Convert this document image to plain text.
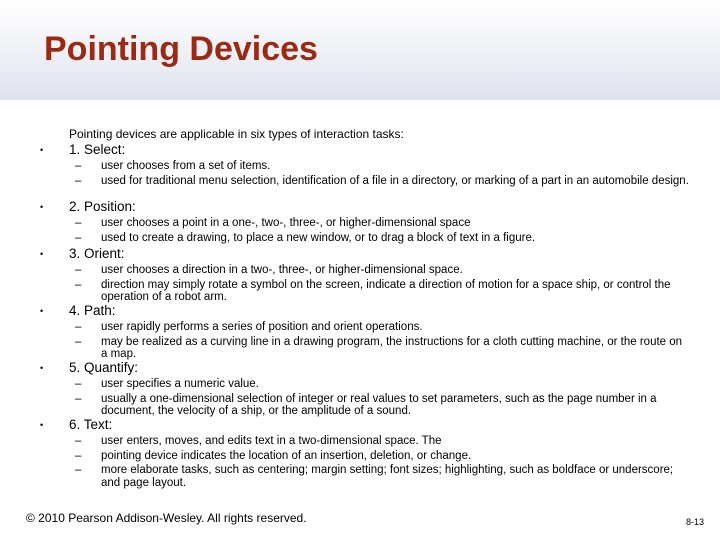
Pointing Devices
Pointing devices are applicable in six types of interaction tasks:
• 1. Select:
– user chooses from a set of items.
– used for traditional menu selection, identification of a file in a directory, or marking of a part in an automobile design.
• 2. Position:
– user chooses a point in a one-, two-, three-, or higher-dimensional space
– used to create a drawing, to place a new window, or to drag a block of text in a figure.
• 3. Orient:
– user chooses a direction in a two-, three-, or higher-dimensional space.
– direction may simply rotate a symbol on the screen, indicate a direction of motion for a space ship, or control the operation of a robot arm.
• 4. Path:
– user rapidly performs a series of position and orient operations.
– may be realized as a curving line in a drawing program, the instructions for a cloth cutting machine, or the route on a map.
• 5. Quantify:
– user specifies a numeric value.
– usually a one-dimensional selection of integer or real values to set parameters, such as the page number in a document, the velocity of a ship, or the amplitude of a sound.
• 6. Text:
– user enters, moves, and edits text in a two-dimensional space. The
– pointing device indicates the location of an insertion, deletion, or change.
– more elaborate tasks, such as centering; margin setting; font sizes; highlighting, such as boldface or underscore; and page layout.
© 2010 Pearson Addison-Wesley. All rights reserved.	8-13
